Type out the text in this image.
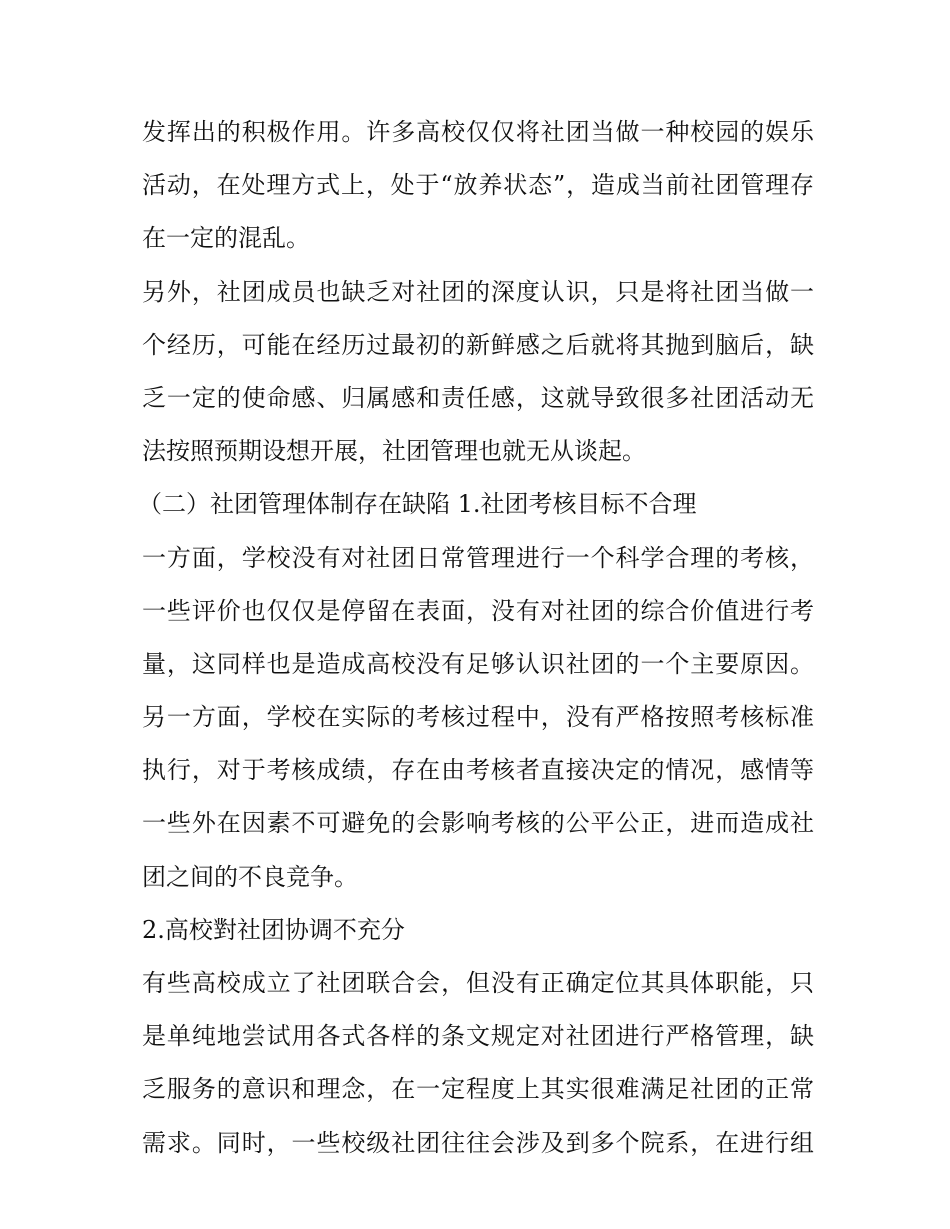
发挥出的积极作用。许多高校仅仅将社团当做一种校园的娱乐
活动，在处理方式上，处于“放养状态”，造成当前社团管理存
在一定的混乱。
另外，社团成员也缺乏对社团的深度认识，只是将社团当做一
个经历，可能在经历过最初的新鲜感之后就将其抛到脑后，缺
乏一定的使命感、归属感和责任感，这就导致很多社团活动无
法按照预期设想开展，社团管理也就无从谈起。
（二）社团管理体制存在缺陷 1.社团考核目标不合理
一方面，学校没有对社团日常管理进行一个科学合理的考核，
一些评价也仅仅是停留在表面，没有对社团的综合价值进行考
量，这同样也是造成高校没有足够认识社团的一个主要原因。
另一方面，学校在实际的考核过程中，没有严格按照考核标准
执行，对于考核成绩，存在由考核者直接决定的情况，感情等
一些外在因素不可避免的会影响考核的公平公正，进而造成社
团之间的不良竞争。
2.高校對社团协调不充分
有些高校成立了社团联合会，但没有正确定位其具体职能，只
是单纯地尝试用各式各样的条文规定对社团进行严格管理，缺
乏服务的意识和理念，在一定程度上其实很难满足社团的正常
需求。同时，一些校级社团往往会涉及到多个院系，在进行组
